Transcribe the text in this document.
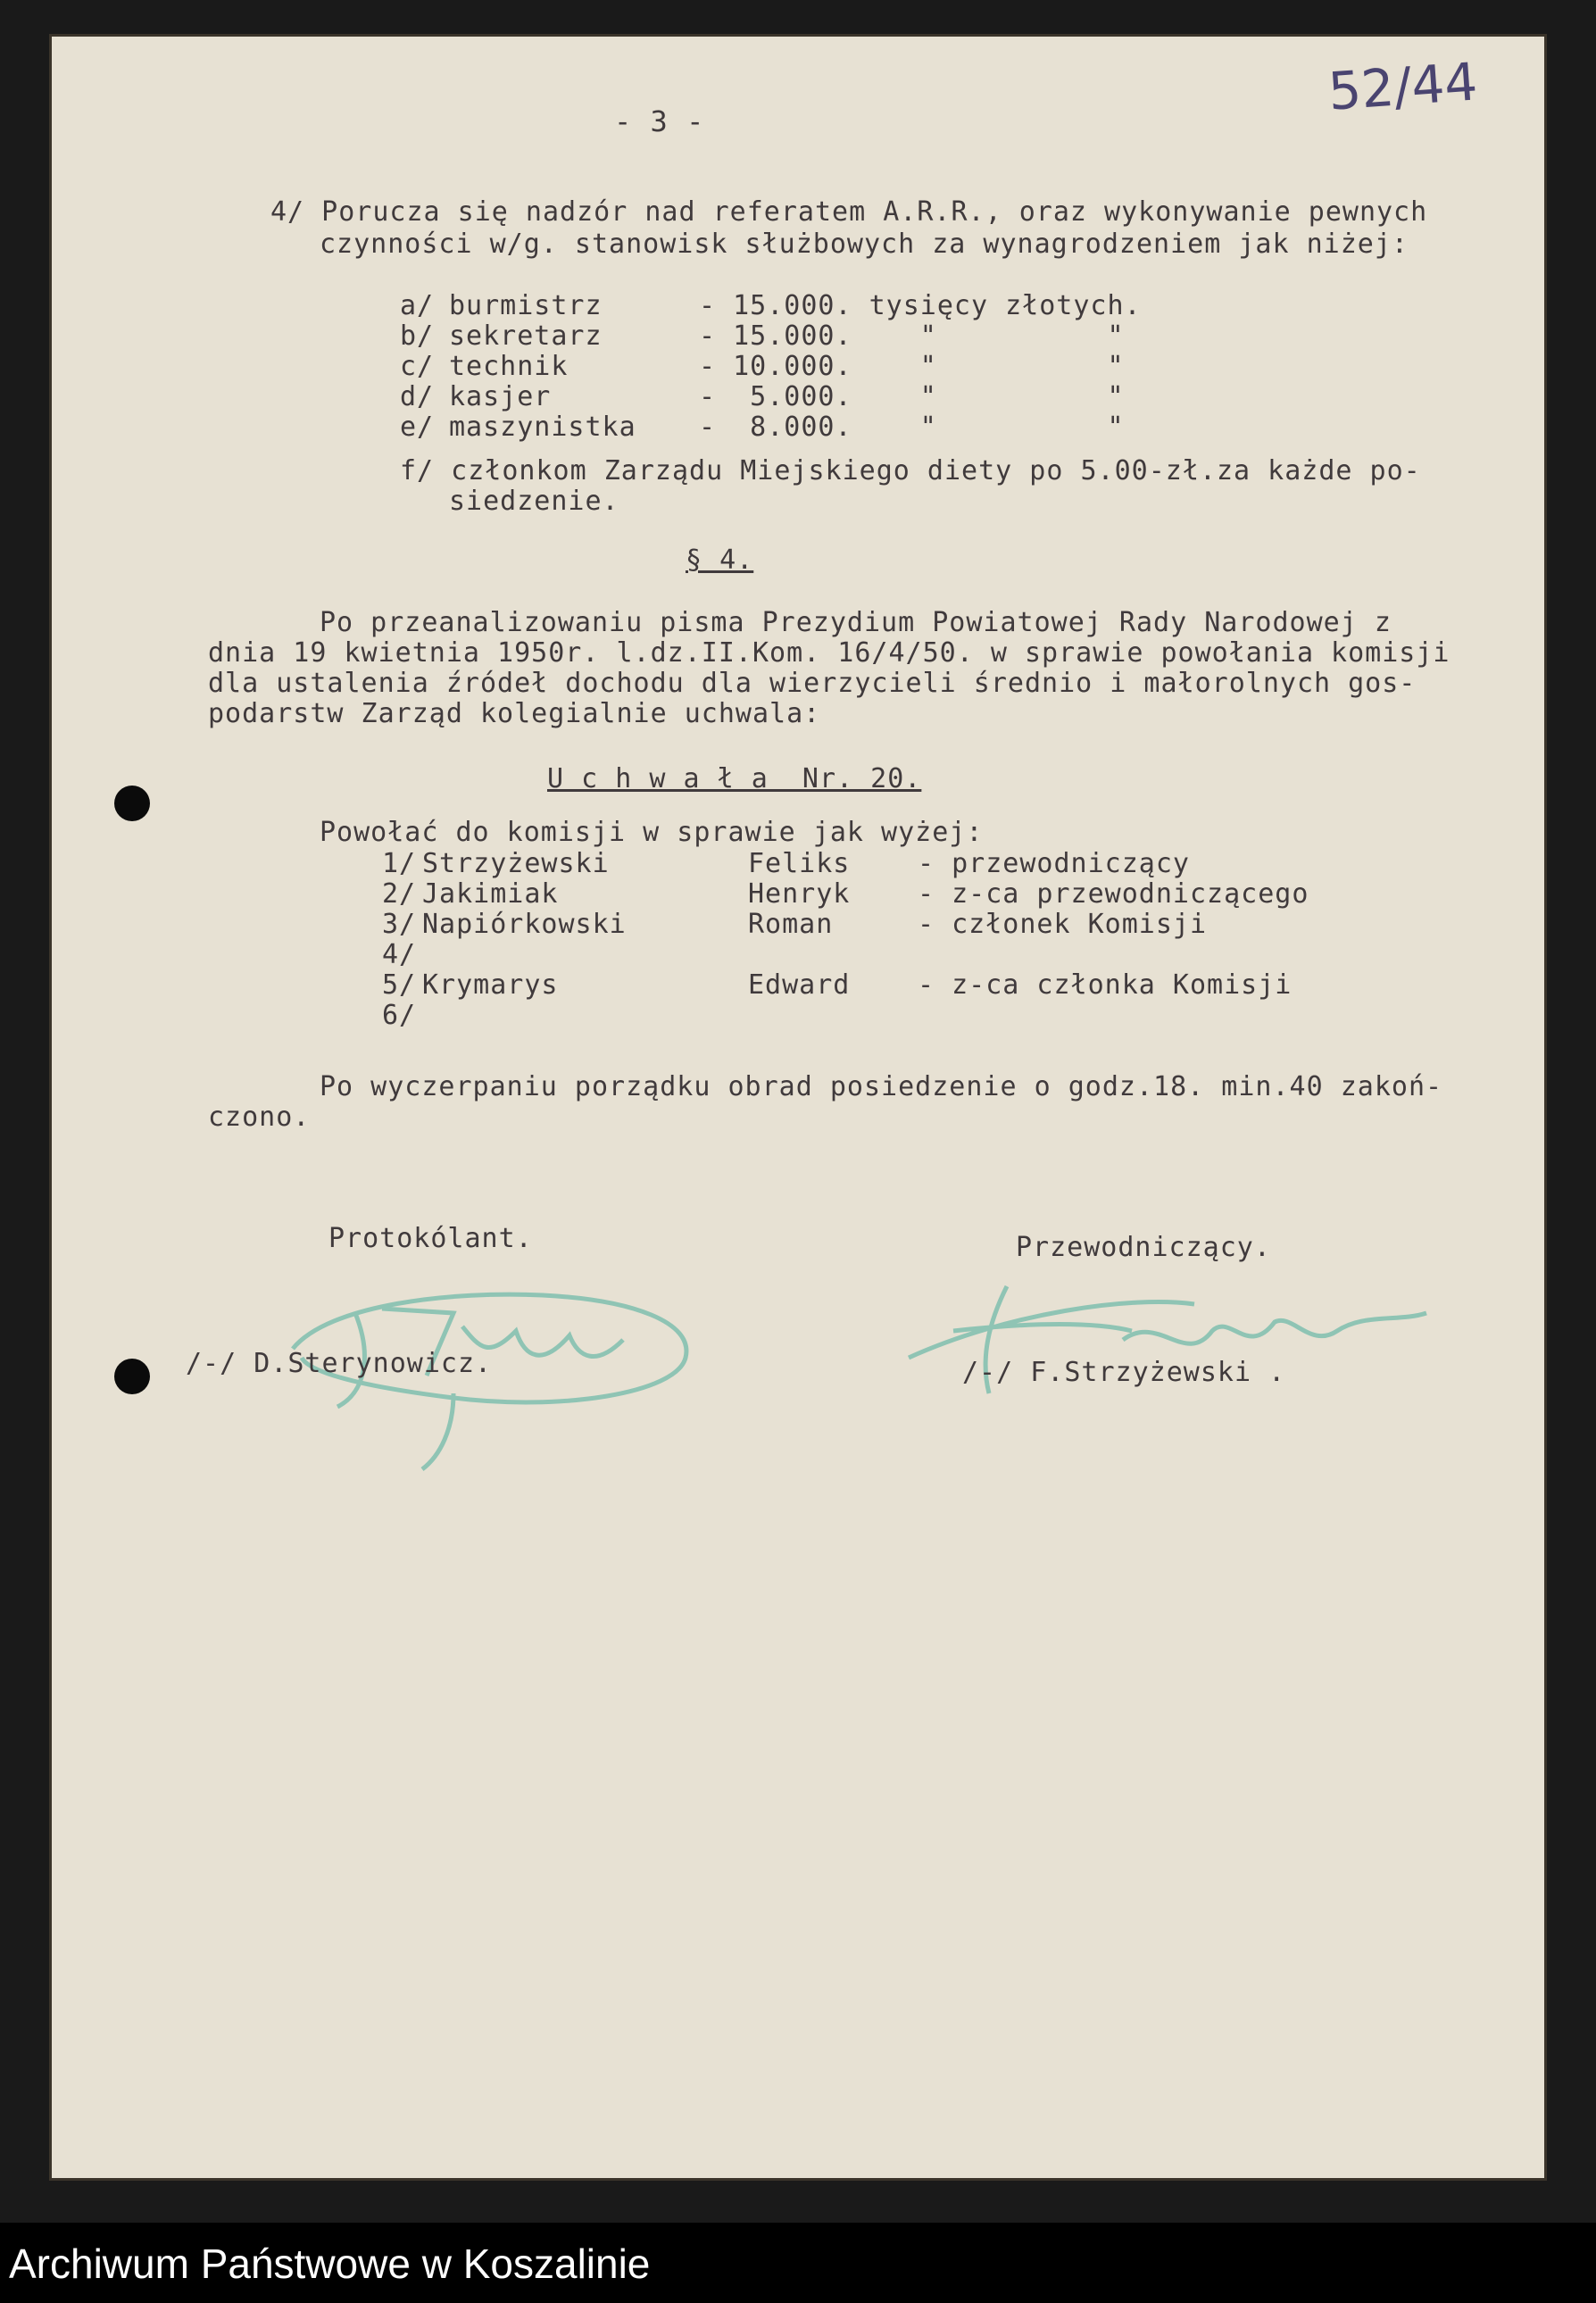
- 3 -	52/44
4/ Porucza się nadzór nad referatem A.R.R., oraz wykonywanie pewnych
czynności w/g. stanowisk służbowych za wynagrodzeniem jak niżej:
a/ burmistrz	- 15.000. tysięcy złotych.
b/ sekretarz	- 15.000.    "          "
c/ technik	- 10.000.    "          "
d/ kasjer	-  5.000.    "          "
e/ maszynistka -  8.000.    "          "
f/ członkom Zarządu Miejskiego diety po 5.00-zł.za każde po-
siedzenie.
§ 4.
Po przeanalizowaniu pisma Prezydium Powiatowej Rady Narodowej z
dnia 19 kwietnia 1950r. l.dz.II.Kom. 16/4/50. w sprawie powołania komisji
dla ustalenia źródeł dochodu dla wierzycieli średnio i małorolnych gos-
podarstw Zarząd kolegialnie uchwala:
U c h w a ł a  Nr. 20.
Powołać do komisji w sprawie jak wyżej:
1/ Strzyżewski	Feliks	- przewodniczący
2/ Jakimiak	Henryk	- z-ca przewodniczącego
3/ Napiórkowski	Roman	- członek Komisji
4/
5/ Krymarys	Edward	- z-ca członka Komisji
6/
Po wyczerpaniu porządku obrad posiedzenie o godz.18. min.40 zakoń-
czono.
Protokólant.	Przewodniczący.
/-/ D.Sterynowicz.	/-/ F.Strzyżewski .
Archiwum Państwowe w Koszalinie
